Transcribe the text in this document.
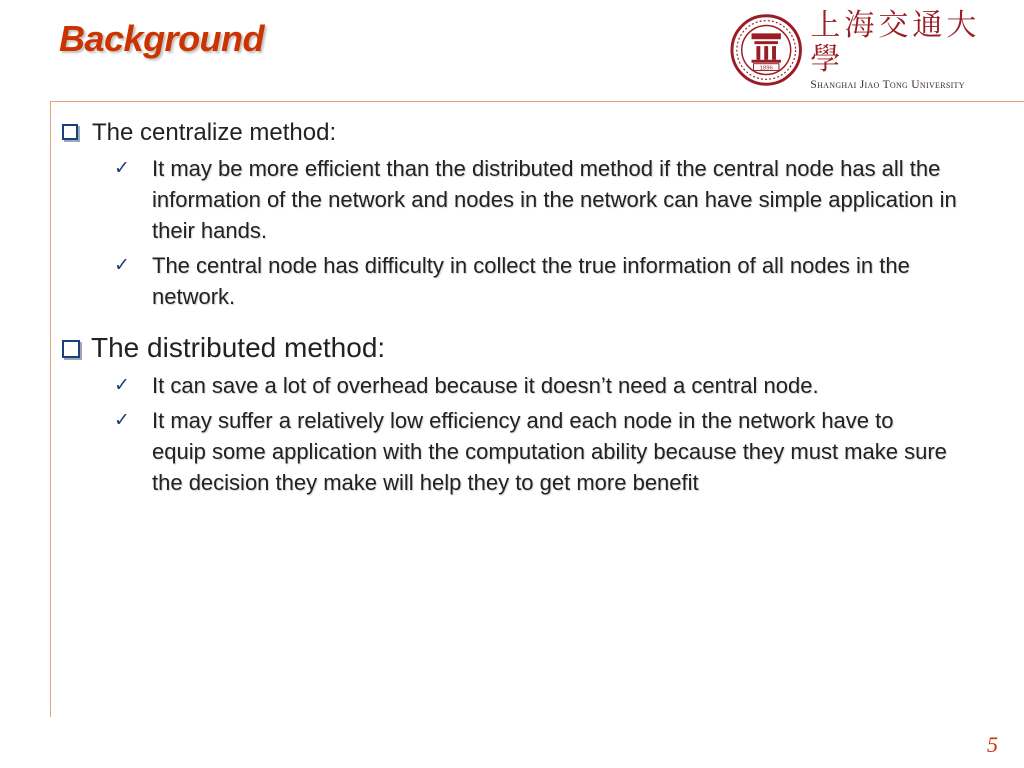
Background
1896
上海交通大學
Shanghai Jiao Tong University
The centralize method:
✓	It may be more efficient than the distributed method if the central node has all the information of the network and nodes in the network can have simple application in their hands.
✓	The central node has difficulty in collect the true information of all nodes in the network.
The distributed method:
✓	It can save a lot of overhead because it doesn’t need a central node.
✓	It may suffer a relatively low efficiency and each node in the network have to equip some application with the computation ability because they must make sure the decision they make will help they to get more benefit
5
